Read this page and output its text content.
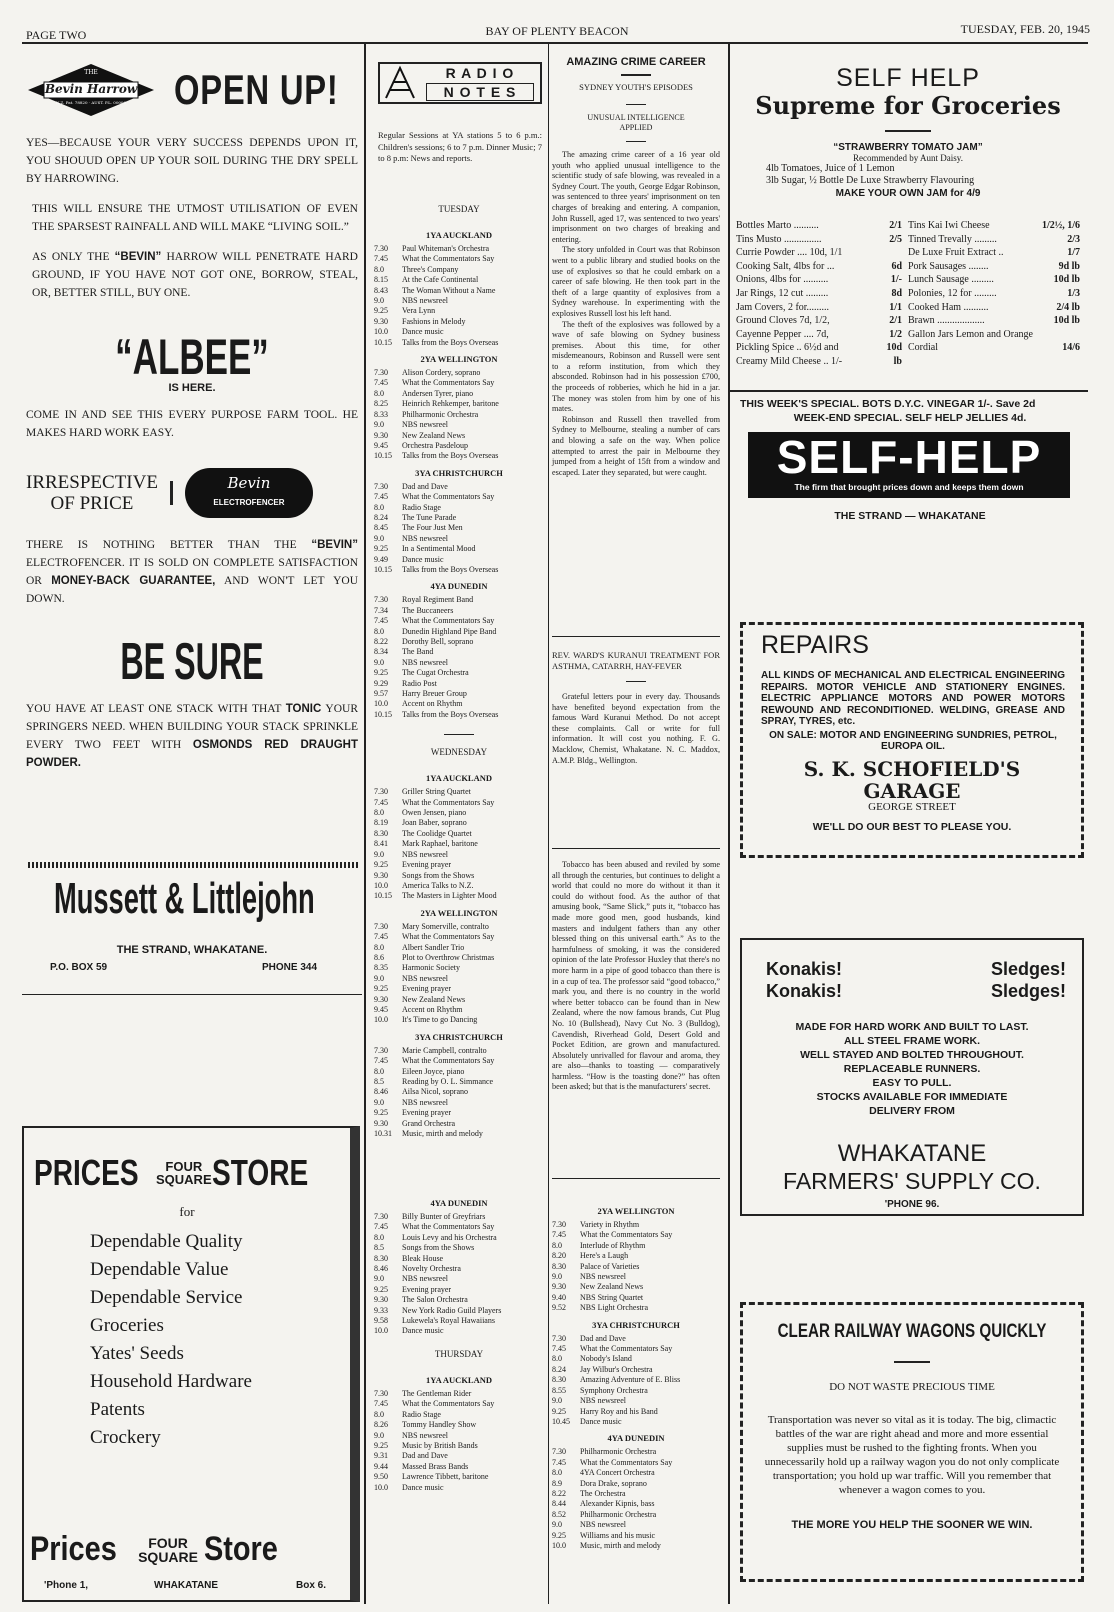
PAGE TWO	BAY OF PLENTY BEACON	TUESDAY, FEB. 20, 1945
THE
Bevin Harrow
N.Z. Pat. 78820 · AUST. P.L. 00000	OPEN UP!
YES—BECAUSE YOUR VERY SUCCESS DEPENDS UPON IT, YOU SHOUUD OPEN UP YOUR SOIL DURING THE DRY SPELL BY HARROWING.
THIS WILL ENSURE THE UTMOST UTILISATION OF EVEN THE SPARSEST RAINFALL AND WILL MAKE “LIVING SOIL.”
AS ONLY THE “BEVIN” HARROW WILL PENETRATE HARD GROUND, IF YOU HAVE NOT GOT ONE, BORROW, STEAL, OR, BETTER STILL, BUY ONE.
“ALBEE”
IS HERE.
COME IN AND SEE THIS EVERY PURPOSE FARM TOOL. HE MAKES HARD WORK EASY.
IRRESPECTIVE
OF PRICE
Bevin
ELECTROFENCER
THERE IS NOTHING BETTER THAN THE “BEVIN” ELECTROFENCER. IT IS SOLD ON COMPLETE SATISFACTION OR MONEY-BACK GUARANTEE, AND WON'T LET YOU DOWN.
BE SURE
YOU HAVE AT LEAST ONE STACK WITH THAT TONIC YOUR SPRINGERS NEED. WHEN BUILDING YOUR STACK SPRINKLE EVERY TWO FEET WITH OSMONDS RED DRAUGHT POWDER.
Mussett & Littlejohn
THE STRAND, WHAKATANE.
P.O. BOX 59	PHONE 344
PRICES	FOUR
SQUARE STORE
for
Dependable Quality
Dependable Value
Dependable Service
Groceries
Yates' Seeds
Household Hardware
Patents
Crockery
Prices	FOUR
SQUARE Store
'Phone 1,	WHAKATANE	Box 6.
R A D I O
N O T E S
Regular Sessions at YA stations 5 to 6 p.m.: Children's sessions; 6 to 7 p.m. Dinner Music; 7 to 8 p.m: News and reports.
TUESDAY
1YA AUCKLAND
7.30	Paul Whiteman's Orchestra
7.45	What the Commentators Say
8.0	Three's Company
8.15	At the Cafe Continental
8.43	The Woman Without a Name
9.0	NBS newsreel
9.25	Vera Lynn
9.30	Fashions in Melody
10.0	Dance music
10.15	Talks from the Boys Overseas
2YA WELLINGTON
7.30	Alison Cordery, soprano
7.45	What the Commentators Say
8.0	Andersen Tyrer, piano
8.25	Heinrich Rehkemper, baritone
8.33	Philharmonic Orchestra
9.0	NBS newsreel
9.30	New Zealand News
9.45	Orchestra Pasdeloup
10.15	Talks from the Boys Overseas
3YA CHRISTCHURCH
7.30	Dad and Dave
7.45	What the Commentators Say
8.0	Radio Stage
8.24	The Tune Parade
8.45	The Four Just Men
9.0	NBS newsreel
9.25	In a Sentimental Mood
9.49	Dance music
10.15	Talks from the Boys Overseas
4YA DUNEDIN
7.30	Royal Regiment Band
7.34	The Buccaneers
7.45	What the Commentators Say
8.0	Dunedin Highland Pipe Band
8.22	Dorothy Bell, soprano
8.34	The Band
9.0	NBS newsreel
9.25	The Cugat Orchestra
9.29	Radio Post
9.57	Harry Breuer Group
10.0	Accent on Rhythm
10.15	Talks from the Boys Overseas
WEDNESDAY
1YA AUCKLAND
7.30	Griller String Quartet
7.45	What the Commentators Say
8.0	Owen Jensen, piano
8.19	Joan Baber, soprano
8.30	The Coolidge Quartet
8.41	Mark Raphael, baritone
9.0	NBS newsreel
9.25	Evening prayer
9.30	Songs from the Shows
10.0	America Talks to N.Z.
10.15	The Masters in Lighter Mood
2YA WELLINGTON
7.30	Mary Somerville, contralto
7.45	What the Commentators Say
8.0	Albert Sandler Trio
8.6	Plot to Overthrow Christmas
8.35	Harmonic Society
9.0	NBS newsreel
9.25	Evening prayer
9.30	New Zealand News
9.45	Accent on Rhythm
10.0	It's Time to go Dancing
3YA CHRISTCHURCH
7.30	Marie Campbell, contralto
7.45	What the Commentators Say
8.0	Eileen Joyce, piano
8.5	Reading by O. L. Simmance
8.46	Ailsa Nicol, soprano
9.0	NBS newsreel
9.25	Evening prayer
9.30	Grand Orchestra
10.31	Music, mirth and melody
4YA DUNEDIN
7.30	Billy Bunter of Greyfriars
7.45	What the Commentators Say
8.0	Louis Levy and his Orchestra
8.5	Songs from the Shows
8.30	Bleak House
8.46	Novelty Orchestra
9.0	NBS newsreel
9.25	Evening prayer
9.30	The Salon Orchestra
9.33	New York Radio Guild Players
9.58	Lukewela's Royal Hawaiians
10.0	Dance music
THURSDAY
1YA AUCKLAND
7.30	The Gentleman Rider
7.45	What the Commentators Say
8.0	Radio Stage
8.26	Tommy Handley Show
9.0	NBS newsreel
9.25	Music by British Bands
9.31	Dad and Dave
9.44	Massed Brass Bands
9.50	Lawrence Tibbett, baritone
10.0	Dance music
AMAZING CRIME CAREER
SYDNEY YOUTH'S EPISODES
UNUSUAL INTELLIGENCE APPLIED
The amazing crime career of a 16 year old youth who applied unusual intelligence to the scientific study of safe blowing, was revealed in a Sydney Court. The youth, George Edgar Robinson, was sentenced to three years' imprisonment on ten charges of breaking and entering. A companion, John Russell, aged 17, was sentenced to two years' imprisonment on two charges of breaking and entering.
The story unfolded in Court was that Robinson went to a public library and studied books on the use of explosives so that he could embark on a career of safe blowing. He then took part in the theft of a large quantity of explosives from a Sydney warehouse. In experimenting with the explosives Russell lost his left hand.
The theft of the explosives was followed by a wave of safe blowing on Sydney business premises. About this time, for other misdemeanours, Robinson and Russell were sent to a reform institution, from which they absconded. Robinson had in his possession £700, the proceeds of robberies, which he hid in a jar. The money was stolen from him by one of his mates.
Robinson and Russell then travelled from Sydney to Melbourne, stealing a number of cars and blowing a safe on the way. When police attempted to arrest the pair in Melbourne they jumped from a height of 15ft from a window and escaped. Later they separated, but were caught.
REV. WARD'S KURANUI TREATMENT FOR ASTHMA, CATARRH, HAY-FEVER
Grateful letters pour in every day. Thousands have benefited beyond expectation from the famous Ward Kuranui Method. Do not accept these complaints. Call or write for full information. It will cost you nothing. F. G. Macklow, Chemist, Whakatane. N. C. Maddox, A.M.P. Bldg., Wellington.
Tobacco has been abused and reviled by some all through the centuries, but continues to delight a world that could no more do without it than it could do without food. As the author of that amusing book, “Same Slick,” puts it, “tobacco has made more good men, good husbands, kind masters and indulgent fathers than any other blessed thing on this universal earth.” As to the harmfulness of smoking, it was the considered opinion of the late Professor Huxley that there's no more harm in a pipe of good tobacco than there is in a cup of tea. The professor said “good tobacco,” mark you, and there is no country in the world where better tobacco can be found than in New Zealand, where the now famous brands, Cut Plug No. 10 (Bullshead), Navy Cut No. 3 (Bulldog), Cavendish, Riverhead Gold, Desert Gold and Pocket Edition, are grown and manufactured. Absolutely unrivalled for flavour and aroma, they are also—thanks to toasting — comparatively harmless. “How is the toasting done?” has often been asked; but that is the manufacturers' secret.
2YA WELLINGTON
7.30	Variety in Rhythm
7.45	What the Commentators Say
8.0	Interlude of Rhythm
8.20	Here's a Laugh
8.30	Palace of Varieties
9.0	NBS newsreel
9.30	New Zealand News
9.40	NBS String Quartet
9.52	NBS Light Orchestra
3YA CHRISTCHURCH
7.30	Dad and Dave
7.45	What the Commentators Say
8.0	Nobody's Island
8.24	Jay Wilbur's Orchestra
8.30	Amazing Adventure of E. Bliss
8.55	Symphony Orchestra
9.0	NBS newsreel
9.25	Harry Roy and his Band
10.45	Dance music
4YA DUNEDIN
7.30	Philharmonic Orchestra
7.45	What the Commentators Say
8.0	4YA Concert Orchestra
8.9	Dora Drake, soprano
8.22	The Orchestra
8.44	Alexander Kipnis, bass
8.52	Philharmonic Orchestra
9.0	NBS newsreel
9.25	Williams and his music
10.0	Music, mirth and melody
SELF HELP
Supreme for Groceries
“STRAWBERRY TOMATO JAM”
Recommended by Aunt Daisy.
4lb Tomatoes, Juice of 1 Lemon
3lb Sugar, ½ Bottle De Luxe Strawberry Flavouring
MAKE YOUR OWN JAM for 4/9
Bottles Marto ..........	2/1
Tins Musto ...............	2/5
Currie Powder .... 10d, 1/1
Cooking Salt, 4lbs for ...	6d
Onions, 4lbs for ..........	1/-
Jar Rings, 12 cut .........	8d
Jam Covers, 2 for.........	1/1
Ground Cloves 7d, 1/2,	2/1
Cayenne Pepper .... 7d,	1/2
Pickling Spice .. 6½d and	10d
Creamy Mild Cheese .. 1/-	lb
Tins Kai Iwi Cheese	1/2½, 1/6
Tinned Trevally .........	2/3
De Luxe Fruit Extract ..	1/7
Pork Sausages ........	9d lb
Lunch Sausage .........	10d lb
Polonies, 12 for .........	1/3
Cooked Ham ..........	2/4 lb
Brawn ...................	10d lb
Gallon Jars Lemon and Orange
Cordial	14/6
THIS WEEK'S SPECIAL. BOTS D.Y.C. VINEGAR 1/-. Save 2d
WEEK-END SPECIAL. SELF HELP JELLIES 4d.
SELF-HELP
The firm that brought prices down and keeps them down
THE STRAND — WHAKATANE
REPAIRS
ALL KINDS OF MECHANICAL AND ELECTRICAL ENGINEERING REPAIRS. MOTOR VEHICLE AND STATIONERY ENGINES. ELECTRIC APPLIANCE MOTORS AND POWER MOTORS REWOUND AND RECONDITIONED. WELDING, GREASE AND SPRAY, TYRES, etc.
ON SALE: MOTOR AND ENGINEERING SUNDRIES, PETROL, EUROPA OIL.
S. K. SCHOFIELD'S
GARAGE
GEORGE STREET
WE'LL DO OUR BEST TO PLEASE YOU.
Konakis!
Konakis!
Sledges!
Sledges!
MADE FOR HARD WORK AND BUILT TO LAST.
ALL STEEL FRAME WORK.
WELL STAYED AND BOLTED THROUGHOUT.
REPLACEABLE RUNNERS.
EASY TO PULL.
STOCKS AVAILABLE FOR IMMEDIATE
DELIVERY FROM
WHAKATANE
FARMERS' SUPPLY CO.
'PHONE 96.
CLEAR RAILWAY WAGONS QUICKLY
DO NOT WASTE PRECIOUS TIME
Transportation was never so vital as it is today. The big, climactic battles of the war are right ahead and more and more essential supplies must be rushed to the fighting fronts. When you unnecessarily hold up a railway wagon you do not only complicate transportation; you hold up war traffic. Will you remember that whenever a wagon comes to you.
THE MORE YOU HELP THE SOONER WE WIN.
